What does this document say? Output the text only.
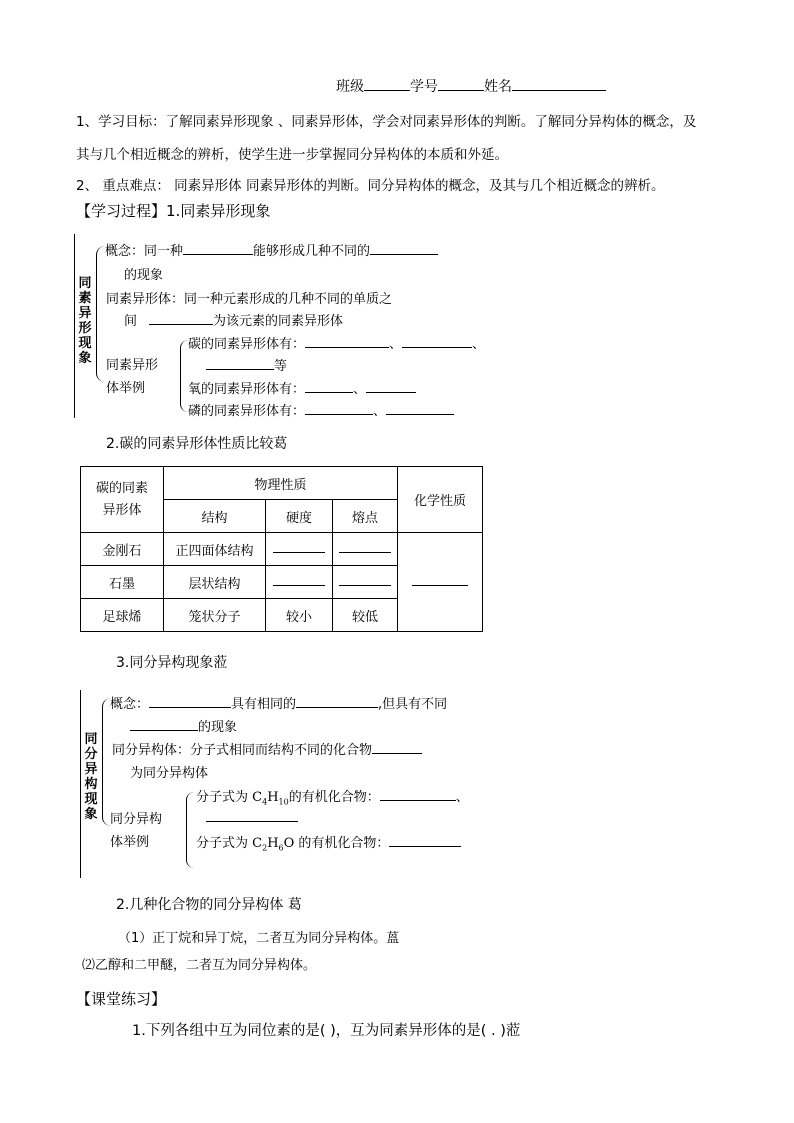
班级	学号	姓名
1、学习目标：了解同素异形现象 、同素异形体，学会对同素异形体的判断。了解同分异构体的概念，及
其与几个相近概念的辨析，使学生进一步掌握同分异构体的本质和外延。
2、 重点难点： 同素异形体 同素异形体的判断。同分异构体的概念，及其与几个相近概念的辨析。
【学习过程】1.同素异形现象
同素异形现象
概念：同一种	能够形成几种不同的
的现象
同素异形体：同一种元素形成的几种不同的单质之
间	为该元素的同素异形体
同素异形
体举例
碳的同素异形体有：	、	、
等
氧的同素异形体有：	、
磷的同素异形体有：	、
2.碳的同素异形体性质比较葛
碳的同素
异形体	物理性质			化学性质
	结构	硬度	熔点	
金刚石	正四面体结构			
石墨	层状结构			
足球烯	笼状分子	较小	较低	
3.同分异构现象蒞
同分异构现象
概念：	具有相同的	,但具有不同
的现象
同分异构体：分子式相同而结构不同的化合物
为同分异构体
同分异构
体举例
分子式为 $C_4H_{10}$的有机化合物：	、
分子式为 $C_2H_6O$ 的有机化合物：
2.几种化合物的同分异构体 葛
（1）正丁烷和异丁烷，二者互为同分异构体。蒕
⑵乙醇和二甲醚，二者互为同分异构体。
【课堂练习】
1.下列各组中互为同位素的是( )，互为同素异形体的是( . )蒞
